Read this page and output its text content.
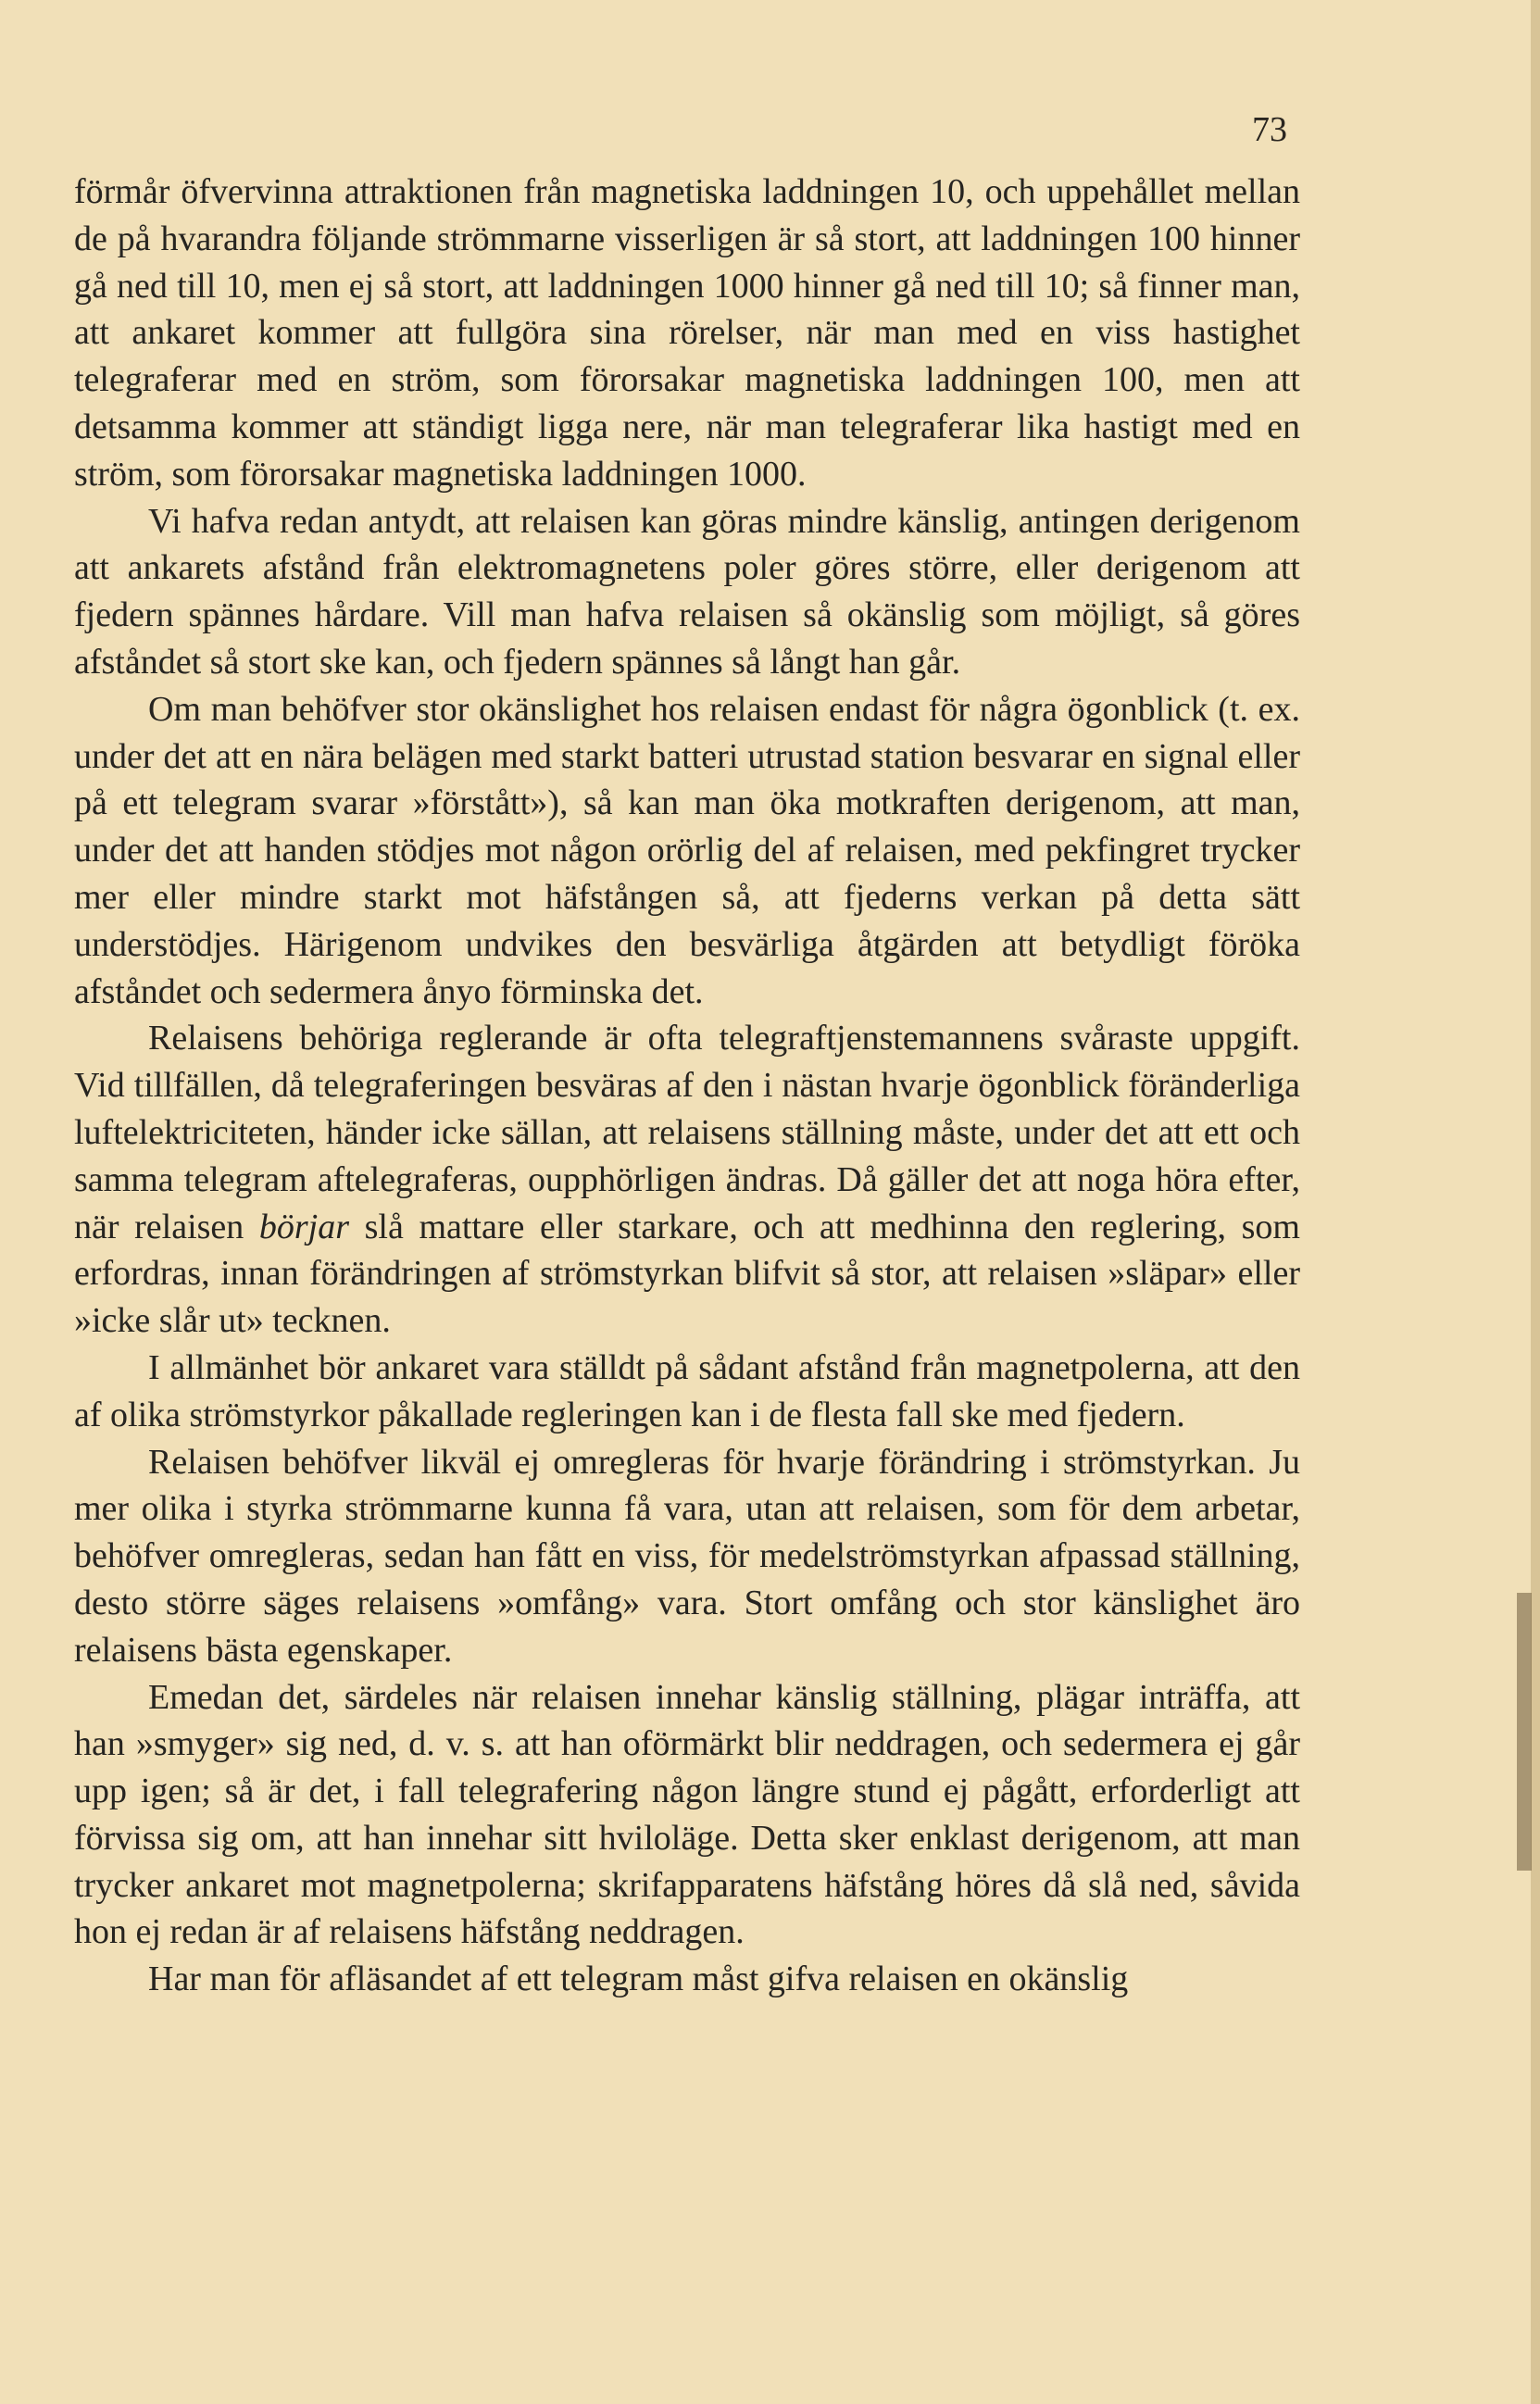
73

förmår öfvervinna attraktionen från magnetiska laddningen 10, och uppehållet mellan de på hvarandra följande strömmarne visserligen är så stort, att laddningen 100 hinner gå ned till 10, men ej så stort, att laddningen 1000 hinner gå ned till 10; så finner man, att ankaret kommer att fullgöra sina rörelser, när man med en viss hastighet telegraferar med en ström, som förorsakar magnetiska laddningen 100, men att detsamma kommer att ständigt ligga nere, när man telegraferar lika hastigt med en ström, som förorsakar magnetiska laddningen 1000.

Vi hafva redan antydt, att relaisen kan göras mindre känslig, antingen derigenom att ankarets afstånd från elektromagnetens poler göres större, eller derigenom att fjedern spännes hårdare. Vill man hafva relaisen så okänslig som möjligt, så göres afståndet så stort ske kan, och fjedern spännes så långt han går.

Om man behöfver stor okänslighet hos relaisen endast för några ögonblick (t. ex. under det att en nära belägen med starkt batteri utrustad station besvarar en signal eller på ett telegram svarar »förstått»), så kan man öka motkraften derigenom, att man, under det att handen stödjes mot någon orörlig del af relaisen, med pekfingret trycker mer eller mindre starkt mot häfstången så, att fjederns verkan på detta sätt understödjes. Härigenom undvikes den besvärliga åtgärden att betydligt föröka afståndet och sedermera ånyo förminska det.

Relaisens behöriga reglerande är ofta telegraftjenstemannens svåraste uppgift. Vid tillfällen, då telegraferingen besväras af den i nästan hvarje ögonblick föränderliga luftelektriciteten, händer icke sällan, att relaisens ställning måste, under det att ett och samma telegram aftelegraferas, oupphörligen ändras. Då gäller det att noga höra efter, när relaisen börjar slå mattare eller starkare, och att medhinna den reglering, som erfordras, innan förändringen af strömstyrkan blifvit så stor, att relaisen »släpar» eller »icke slår ut» tecknen.

I allmänhet bör ankaret vara ställdt på sådant afstånd från magnetpolerna, att den af olika strömstyrkor påkallade regleringen kan i de flesta fall ske med fjedern.

Relaisen behöfver likväl ej omregleras för hvarje förändring i strömstyrkan. Ju mer olika i styrka strömmarne kunna få vara, utan att relaisen, som för dem arbetar, behöfver omregleras, sedan han fått en viss, för medelströmstyrkan afpassad ställning, desto större säges relaisens »omfång» vara. Stort omfång och stor känslighet äro relaisens bästa egenskaper.

Emedan det, särdeles när relaisen innehar känslig ställning, plägar inträffa, att han »smyger» sig ned, d. v. s. att han oförmärkt blir neddragen, och sedermera ej går upp igen; så är det, i fall telegrafering någon längre stund ej pågått, erforderligt att förvissa sig om, att han innehar sitt hviloläge. Detta sker enklast derigenom, att man trycker ankaret mot magnetpolerna; skrifapparatens häfstång höres då slå ned, såvida hon ej redan är af relaisens häfstång neddragen.

Har man för afläsandet af ett telegram måst gifva relaisen en okänslig
